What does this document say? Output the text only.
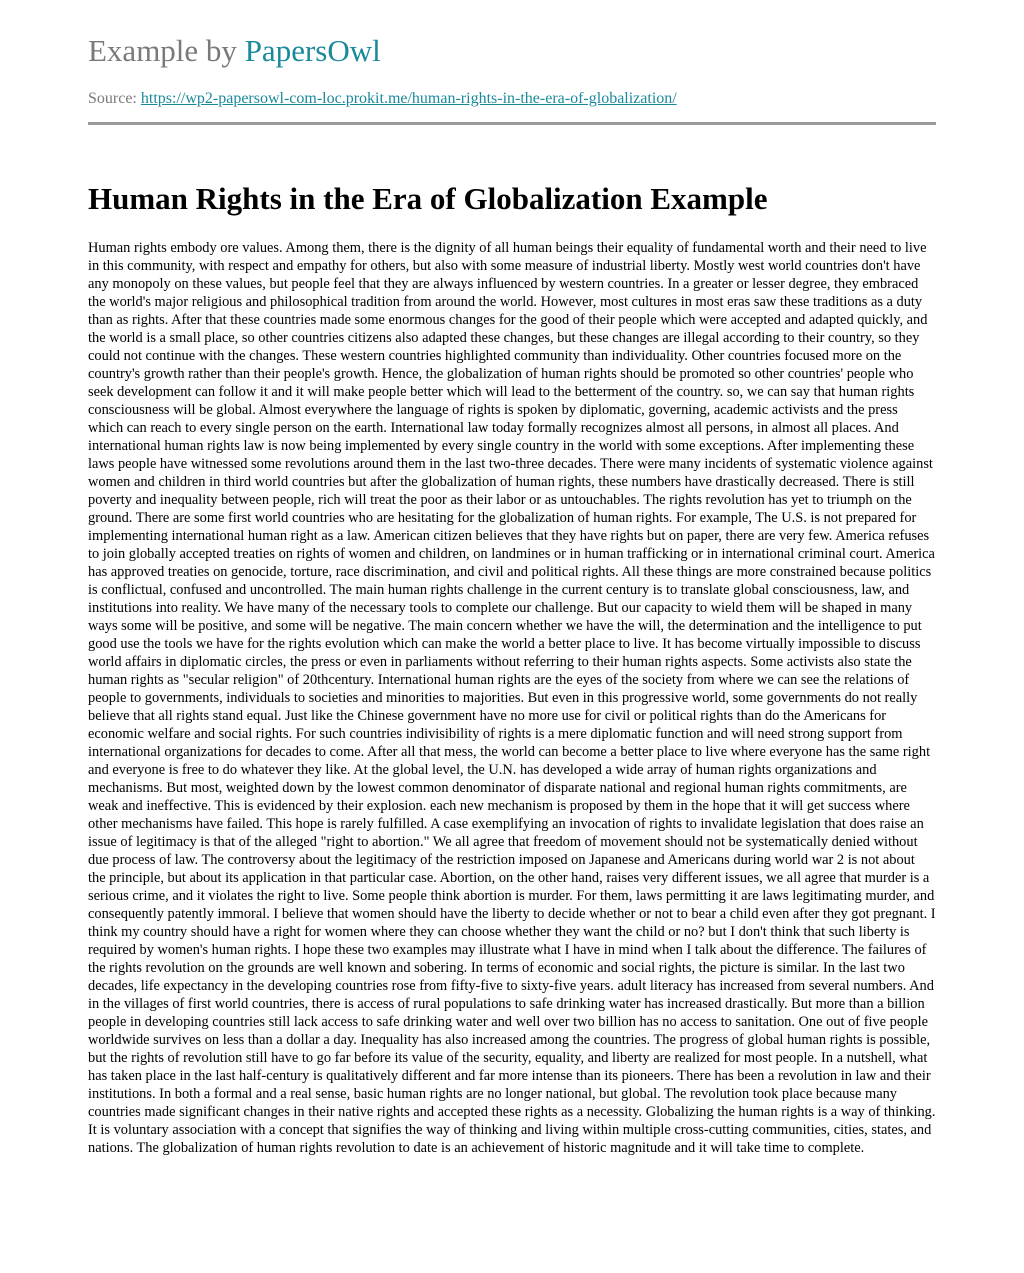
Example by PapersOwl
Source: https://wp2-papersowl-com-loc.prokit.me/human-rights-in-the-era-of-globalization/
Human Rights in the Era of Globalization Example

Human rights embody ore values. Among them, there is the dignity of all human beings their equality of fundamental worth and their need to live in this community, with respect and empathy for others, but also with some measure of industrial liberty. Mostly west world countries don't have any monopoly on these values, but people feel that they are always influenced by western countries. In a greater or lesser degree, they embraced the world's major religious and philosophical tradition from around the world. However, most cultures in most eras saw these traditions as a duty than as rights. After that these countries made some enormous changes for the good of their people which were accepted and adapted quickly, and the world is a small place, so other countries citizens also adapted these changes, but these changes are illegal according to their country, so they could not continue with the changes. These western countries highlighted community than individuality. Other countries focused more on the country's growth rather than their people's growth. Hence, the globalization of human rights should be promoted so other countries' people who seek development can follow it and it will make people better which will lead to the betterment of the country. so, we can say that human rights consciousness will be global. Almost everywhere the language of rights is spoken by diplomatic, governing, academic activists and the press which can reach to every single person on the earth. International law today formally recognizes almost all persons, in almost all places. And international human rights law is now being implemented by every single country in the world with some exceptions. After implementing these laws people have witnessed some revolutions around them in the last two-three decades. There were many incidents of systematic violence against women and children in third world countries but after the globalization of human rights, these numbers have drastically decreased. There is still poverty and inequality between people, rich will treat the poor as their labor or as untouchables. The rights revolution has yet to triumph on the ground. There are some first world countries who are hesitating for the globalization of human rights. For example, The U.S. is not prepared for implementing international human right as a law. American citizen believes that they have rights but on paper, there are very few. America refuses to join globally accepted treaties on rights of women and children, on landmines or in human trafficking or in international criminal court. America has approved treaties on genocide, torture, race discrimination, and civil and political rights. All these things are more constrained because politics is conflictual, confused and uncontrolled. The main human rights challenge in the current century is to translate global consciousness, law, and institutions into reality. We have many of the necessary tools to complete our challenge. But our capacity to wield them will be shaped in many ways some will be positive, and some will be negative. The main concern whether we have the will, the determination and the intelligence to put good use the tools we have for the rights evolution which can make the world a better place to live. It has become virtually impossible to discuss world affairs in diplomatic circles, the press or even in parliaments without referring to their human rights aspects. Some activists also state the human rights as "secular religion" of 20thcentury. International human rights are the eyes of the society from where we can see the relations of people to governments, individuals to societies and minorities to majorities. But even in this progressive world, some governments do not really believe that all rights stand equal. Just like the Chinese government have no more use for civil or political rights than do the Americans for economic welfare and social rights. For such countries indivisibility of rights is a mere diplomatic function and will need strong support from international organizations for decades to come. After all that mess, the world can become a better place to live where everyone has the same right and everyone is free to do whatever they like. At the global level, the U.N. has developed a wide array of human rights organizations and mechanisms. But most, weighted down by the lowest common denominator of disparate national and regional human rights commitments, are weak and ineffective. This is evidenced by their explosion. each new mechanism is proposed by them in the hope that it will get success where other mechanisms have failed. This hope is rarely fulfilled. A case exemplifying an invocation of rights to invalidate legislation that does raise an issue of legitimacy is that of the alleged "right to abortion." We all agree that freedom of movement should not be systematically denied without due process of law. The controversy about the legitimacy of the restriction imposed on Japanese and Americans during world war 2 is not about the principle, but about its application in that particular case. Abortion, on the other hand, raises very different issues, we all agree that murder is a serious crime, and it violates the right to live. Some people think abortion is murder. For them, laws permitting it are laws legitimating murder, and consequently patently immoral. I believe that women should have the liberty to decide whether or not to bear a child even after they got pregnant. I think my country should have a right for women where they can choose whether they want the child or no? but I don't think that such liberty is required by women's human rights. I hope these two examples may illustrate what I have in mind when I talk about the difference. The failures of the rights revolution on the grounds are well known and sobering. In terms of economic and social rights, the picture is similar. In the last two decades, life expectancy in the developing countries rose from fifty-five to sixty-five years. adult literacy has increased from several numbers. And in the villages of first world countries, there is access of rural populations to safe drinking water has increased drastically. But more than a billion people in developing countries still lack access to safe drinking water and well over two billion has no access to sanitation. One out of five people worldwide survives on less than a dollar a day. Inequality has also increased among the countries. The progress of global human rights is possible, but the rights of revolution still have to go far before its value of the security, equality, and liberty are realized for most people. In a nutshell, what has taken place in the last half-century is qualitatively different and far more intense than its pioneers. There has been a revolution in law and their institutions. In both a formal and a real sense, basic human rights are no longer national, but global. The revolution took place because many countries made significant changes in their native rights and accepted these rights as a necessity. Globalizing the human rights is a way of thinking. It is voluntary association with a concept that signifies the way of thinking and living within multiple cross-cutting communities, cities, states, and nations. The globalization of human rights revolution to date is an achievement of historic magnitude and it will take time to complete.
